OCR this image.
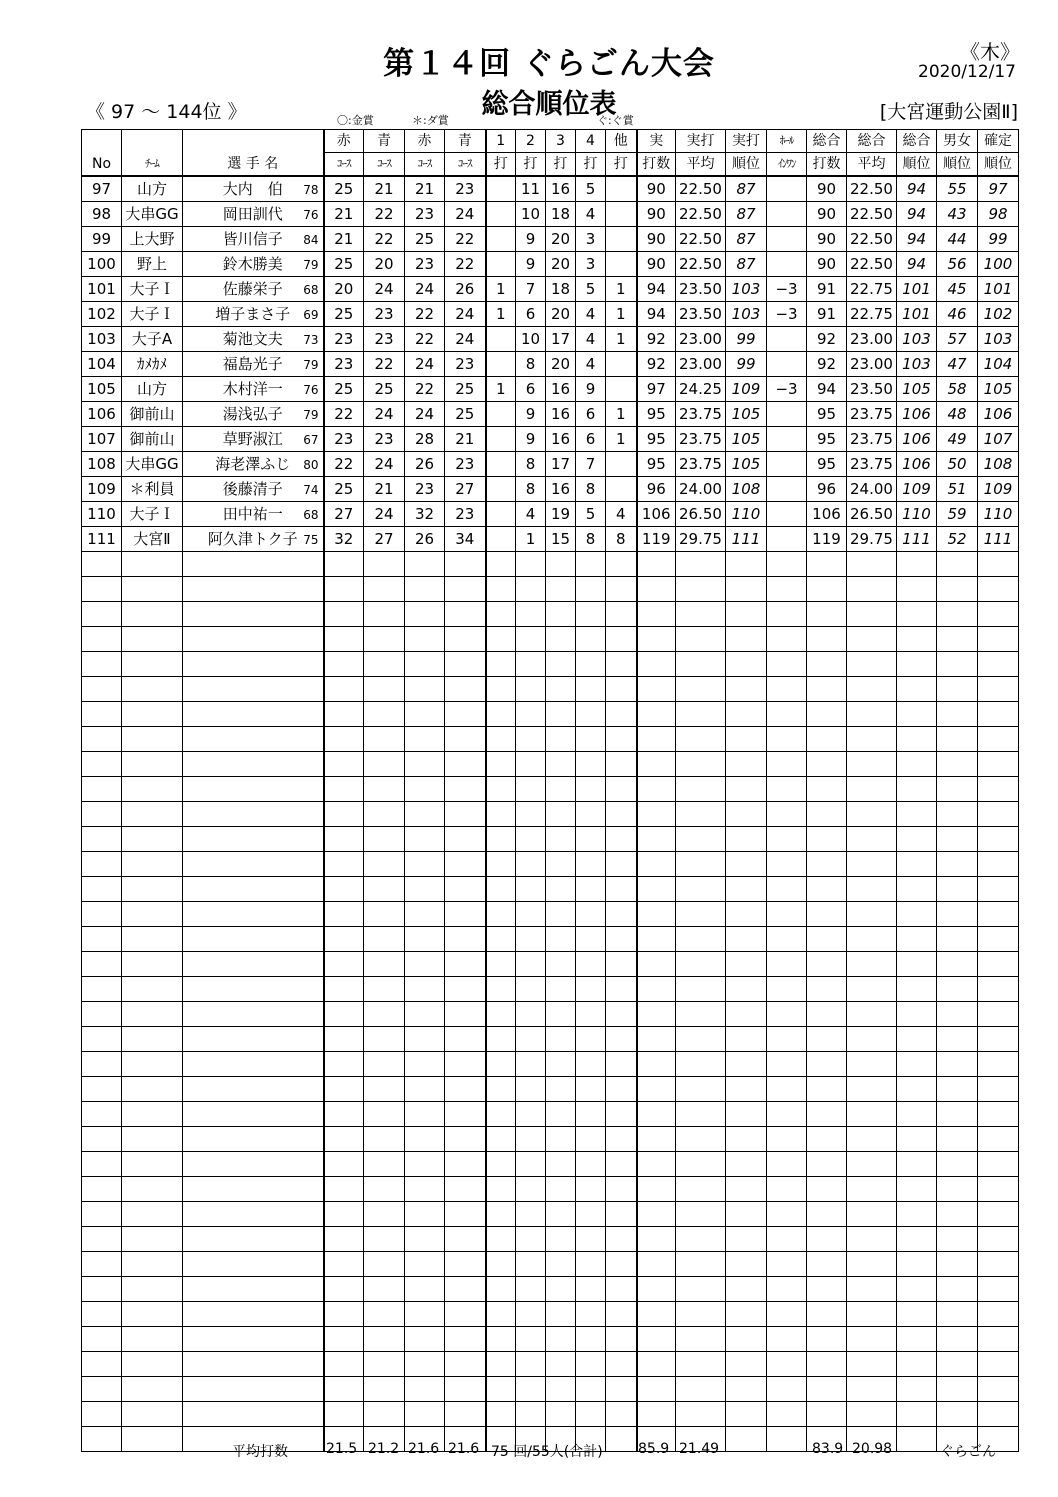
第１４回 ぐらごん大会
総合順位表
《木》
2020/12/17
《 97 ～ 144位 》	[大宮運動公園Ⅱ]
〇:金賞	＊:ダ賞	ぐ:ぐ賞
			赤	青	赤	青	1	2	3	4	他	実	実打	実打	ﾎｰﾙ	総合	総合	総合	男女	確定
No	ﾁｰﾑ	選 手 名	ｺｰｽ	ｺｰｽ	ｺｰｽ	ｺｰｽ	打	打	打	打	打	打数	平均	順位	ｲﾝﾜﾝ	打数	平均	順位	順位	順位
97	山方	大内　伯 78	25	21	21	23		11	16	5		90	22.50	87		90	22.50	94	55	97
98	大串GG	岡田訓代 76	21	22	23	24		10	18	4		90	22.50	87		90	22.50	94	43	98
99	上大野	皆川信子 84	21	22	25	22		9	20	3		90	22.50	87		90	22.50	94	44	99
100	野上	鈴木勝美 79	25	20	23	22		9	20	3		90	22.50	87		90	22.50	94	56	100
101	大子Ｉ	佐藤栄子 68	20	24	24	26	1	7	18	5	1	94	23.50	103	−3	91	22.75	101	45	101
102	大子Ｉ	増子まさ子 69	25	23	22	24	1	6	20	4	1	94	23.50	103	−3	91	22.75	101	46	102
103	大子A	菊池文夫 73	23	23	22	24		10	17	4	1	92	23.00	99		92	23.00	103	57	103
104	ｶﾒｶﾒ	福島光子 79	23	22	24	23		8	20	4		92	23.00	99		92	23.00	103	47	104
105	山方	木村洋一 76	25	25	22	25	1	6	16	9		97	24.25	109	−3	94	23.50	105	58	105
106	御前山	湯浅弘子 79	22	24	24	25		9	16	6	1	95	23.75	105		95	23.75	106	48	106
107	御前山	草野淑江 67	23	23	28	21		9	16	6	1	95	23.75	105		95	23.75	106	49	107
108	大串GG	海老澤ふじ 80	22	24	26	23		8	17	7		95	23.75	105		95	23.75	106	50	108
109	＊利員	後藤清子 74	25	21	23	27		8	16	8		96	24.00	108		96	24.00	109	51	109
110	大子Ｉ	田中祐一 68	27	24	32	23		4	19	5	4	106	26.50	110		106	26.50	110	59	110
111	大宮Ⅱ	阿久津トク子 75	32	27	26	34		1	15	8	8	119	29.75	111		119	29.75	111	52	111

平均打数	21.5 21.2 21.6 21.6 75 回/55人(合計)	85.9 21.49	83.9 20.98	ぐらごん
